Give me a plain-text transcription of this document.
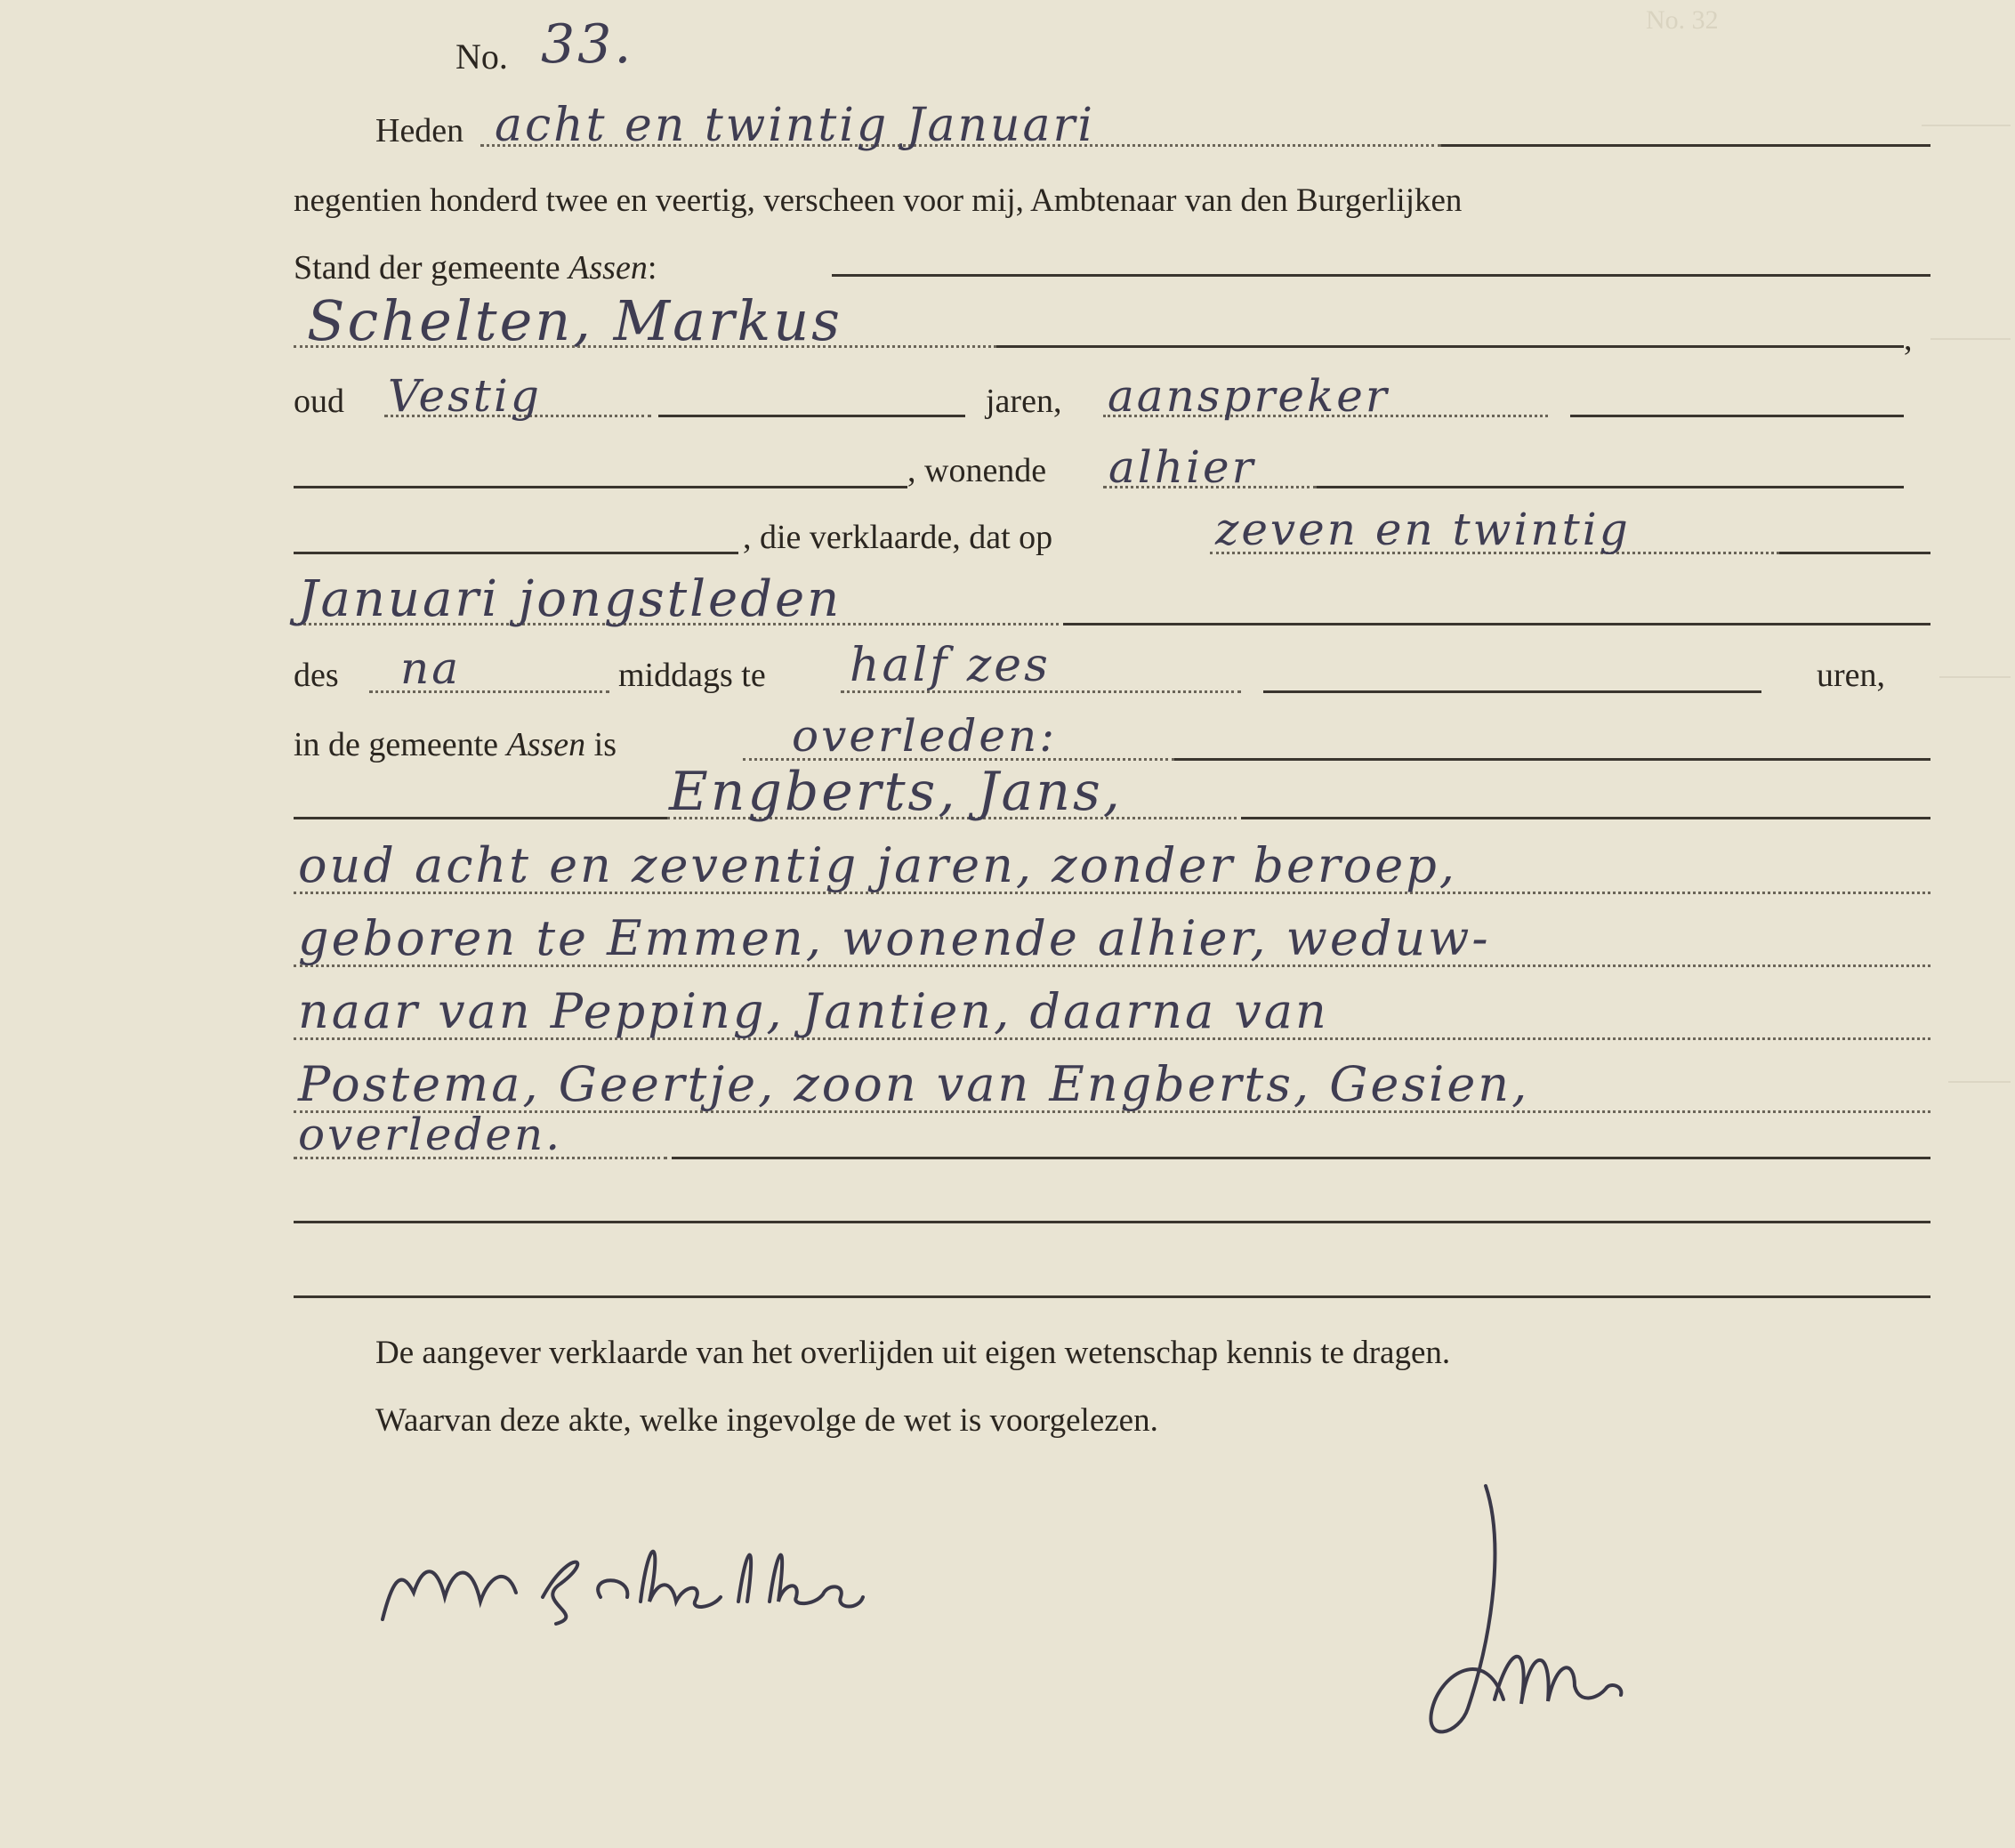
No. 32
No. 33.
Heden acht en twintig Januari
negentien honderd twee en veertig, verscheen voor mij, Ambtenaar van den Burgerlijken
Stand der gemeente Assen:
Schelten, Markus	,
oud Vestig	jaren, aanspreker
, wonende alhier
, die verklaarde, dat op	zeven en twintig
Januari jongstleden
des na	middags te half zes	uren,
in de gemeente Assen is	overleden:
Engberts, Jans,
oud acht en zeventig jaren, zonder beroep,
geboren te Emmen, wonende alhier, weduw-
naar van Pepping, Jantien, daarna van
Postema, Geertje, zoon van Engberts, Gesien,
overleden.
De aangever verklaarde van het overlijden uit eigen wetenschap kennis te dragen.
Waarvan deze akte, welke ingevolge de wet is voorgelezen.
